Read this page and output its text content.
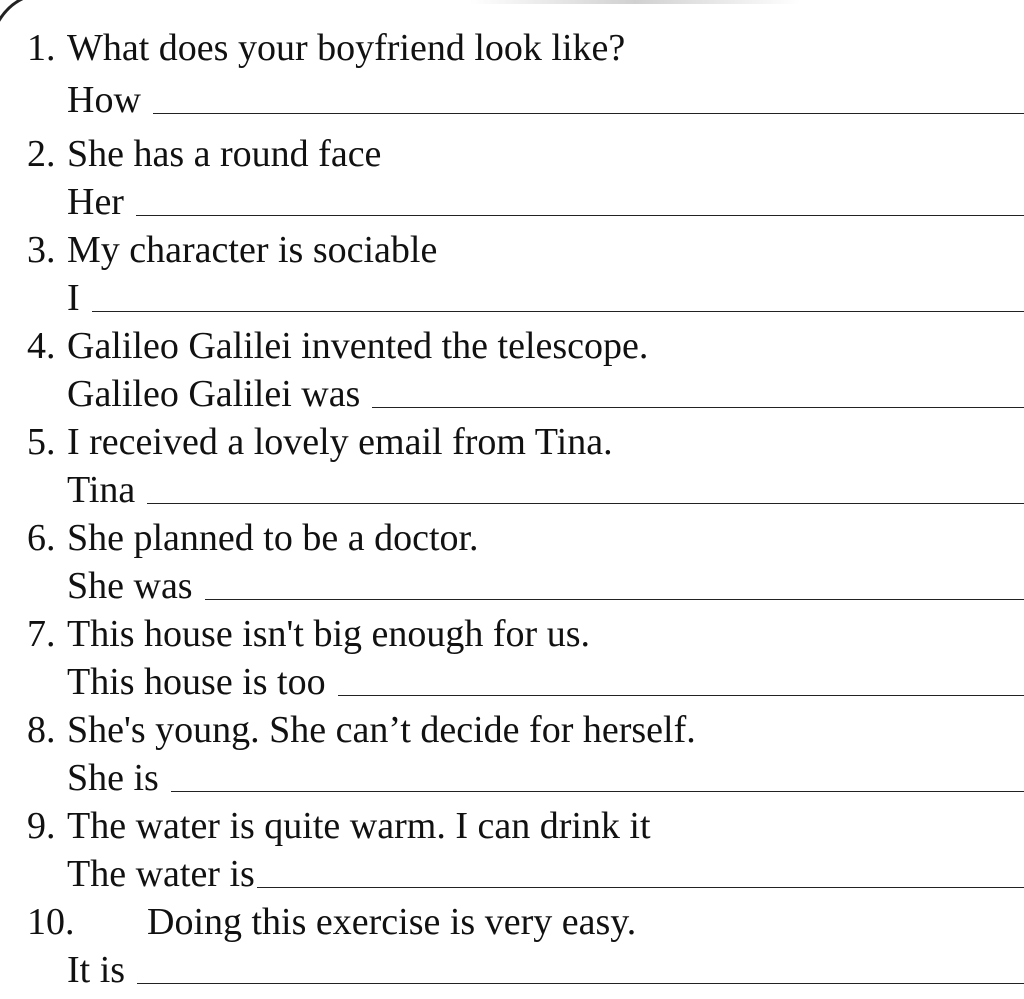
1. What does your boyfriend look like?
How
2. She has a round face
Her
3. My character is sociable
I
4. Galileo Galilei invented the telescope.
Galileo Galilei was
5. I received a lovely email from Tina.
Tina
6. She planned to be a doctor.
She was
7. This house isn't big enough for us.
This house is too
8. She's young. She can’t decide for herself.
She is
9. The water is quite warm. I can drink it
The water is
10.	Doing this exercise is very easy.
It is
